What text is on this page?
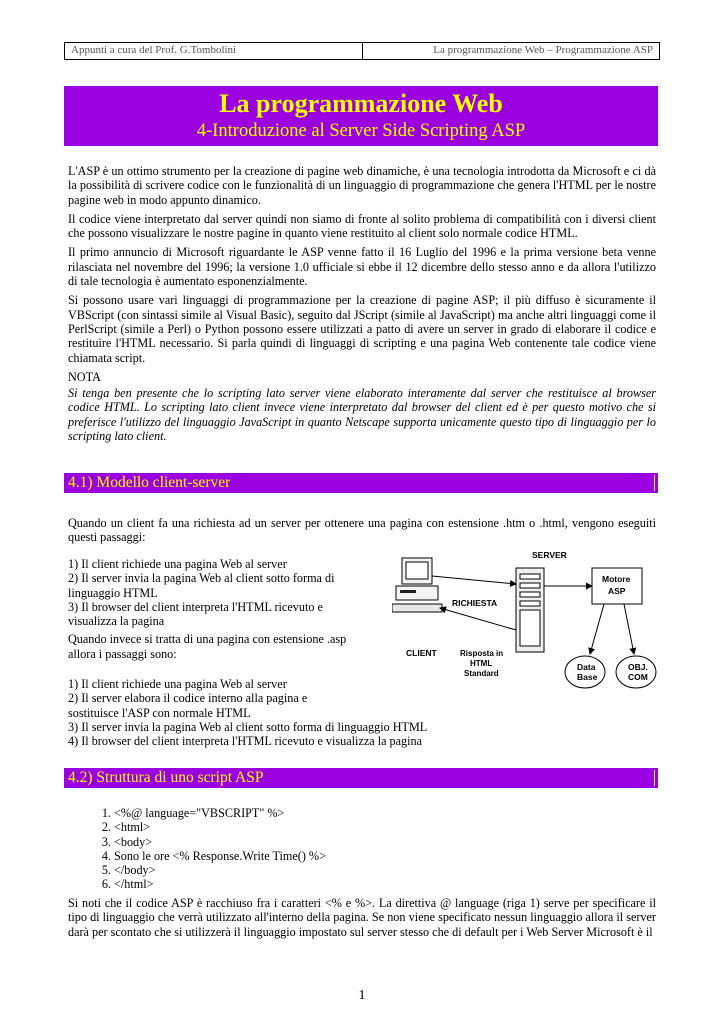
Appunti a cura del Prof. G.Tombolini	La programmazione Web – Programmazione ASP
La programmazione Web
4-Introduzione al Server Side Scripting ASP

L'ASP è un ottimo strumento per la creazione di pagine web dinamiche, è una tecnologia introdotta da Microsoft e ci dà la possibilità di scrivere codice con le funzionalità di un linguaggio di programmazione che genera l'HTML per le nostre pagine web in modo appunto dinamico.

Il codice viene interpretato dal server quindi non siamo di fronte al solito problema di compatibilità con i diversi client che possono visualizzare le nostre pagine in quanto viene restituito al client solo normale codice HTML.

Il primo annuncio di Microsoft riguardante le ASP venne fatto il 16 Luglio del 1996 e la prima versione beta venne rilasciata nel novembre del 1996; la versione 1.0 ufficiale si ebbe il 12 dicembre dello stesso anno e da allora l'utilizzo di tale tecnologia è aumentato esponenzialmente.

Si possono usare vari linguaggi di programmazione per la creazione di pagine ASP; il più diffuso è sicuramente il VBScript (con sintassi simile al Visual Basic), seguito dal JScript (simile al JavaScript) ma anche altri linguaggi come il PerlScript (simile a Perl) o Python possono essere utilizzati a patto di avere un server in grado di elaborare il codice e restituire l'HTML necessario. Si parla quindi di linguaggi di scripting e una pagina Web contenente tale codice viene chiamata script.

NOTA

Si tenga ben presente che lo scripting lato server viene elaborato interamente dal server che restituisce al browser codice HTML. Lo scripting lato client invece viene interpretato dal browser del client ed è per questo motivo che si preferisce l'utilizzo del linguaggio JavaScript in quanto Netscape supporta unicamente questo tipo di linguaggio per lo scripting lato client.

4.1) Modello client-server

Quando un client fa una richiesta ad un server per ottenere una pagina con estensione .htm o .html, vengono eseguiti questi passaggi:

1) Il client richiede una pagina Web al server
2) Il server invia la pagina Web al client sotto forma di
linguaggio HTML
3) Il browser del client interpreta l'HTML ricevuto e
visualizza la pagina
Quando invece si tratta di una pagina con estensione .asp
allora i passaggi sono:
1) Il client richiede una pagina Web al server
2) Il server elabora il codice interno alla pagina e
sostituisce l'ASP con normale HTML
3) Il server invia la pagina Web al client sotto forma di linguaggio HTML
4) Il browser del client interpreta l'HTML ricevuto e visualizza la pagina
CLIENT
SERVER
RICHIESTA
Risposta in
HTML
Standard
Motore
ASP
Data
Base
OBJ.
COM
4.2) Struttura di uno script ASP
1. <%@ language="VBSCRIPT" %>
2. <html>
3. <body>
4. Sono le ore <% Response.Write Time() %>
5. </body>
6. </html>

Si noti che il codice ASP è racchiuso fra i caratteri <% e %>. La direttiva @ language (riga 1) serve per specificare il tipo di linguaggio che verrà utilizzato all'interno della pagina. Se non viene specificato nessun linguaggio allora il server darà per scontato che si utilizzerà il linguaggio impostato sul server stesso che di default per i Web Server Microsoft è il

1
